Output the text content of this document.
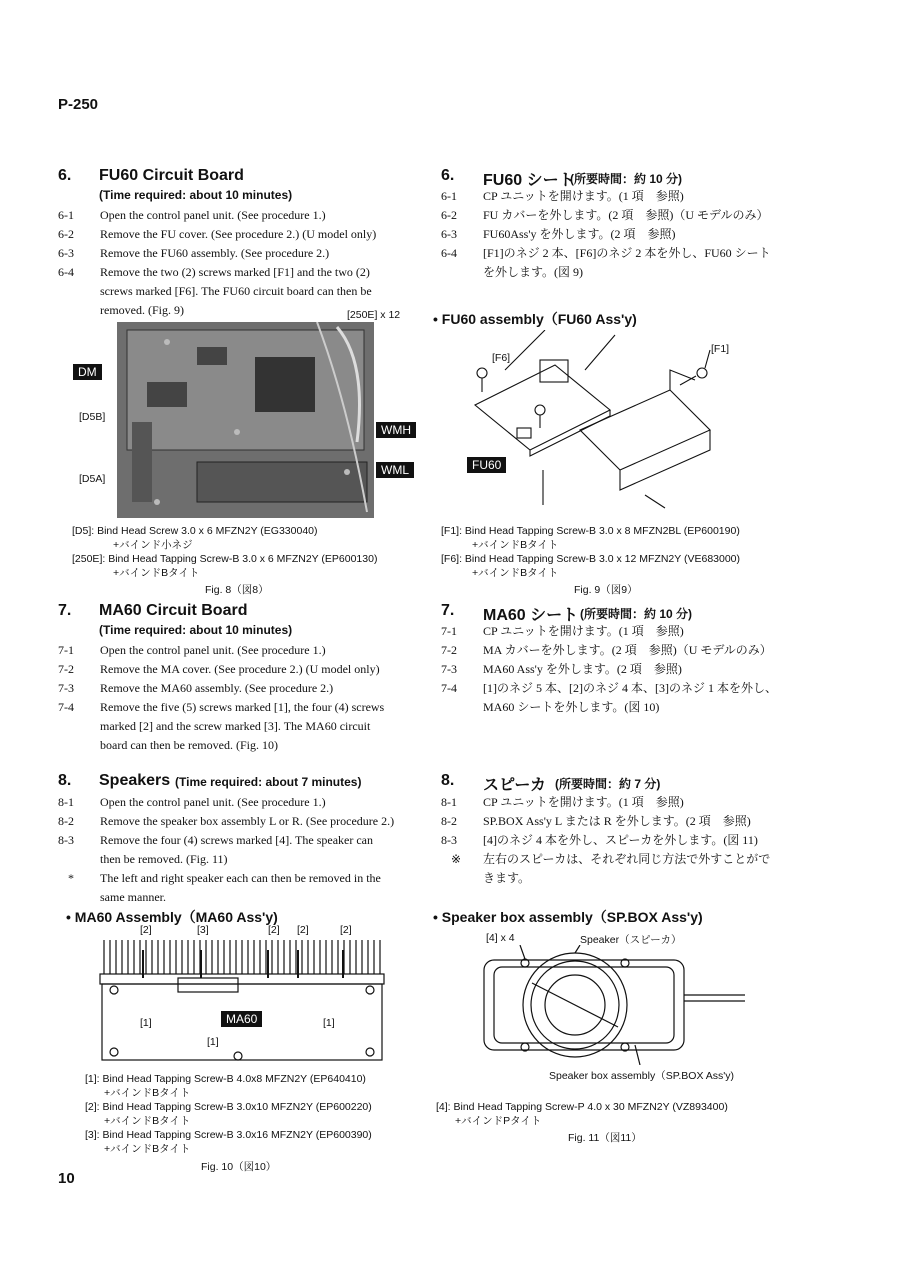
P-250
10
6. FU60 Circuit Board
(Time required: about 10 minutes)
6-1 Open the control panel unit. (See procedure 1.)
6-2 Remove the FU cover. (See procedure 2.) (U model only)
6-3 Remove the FU60 assembly. (See procedure 2.)
6-4 Remove the two (2) screws marked [F1] and the two (2)
screws marked [F6]. The FU60 circuit board can then be
removed. (Fig. 9)	[250E] x 12
DM
[D5B]
WMH
WML
[D5A]
[D5]: Bind Head Screw 3.0 x 6 MFZN2Y (EG330040)
+バインド小ネジ
[250E]: Bind Head Tapping Screw-B 3.0 x 6 MFZN2Y (EP600130)
+バインドBタイト
Fig. 8（図8）
7. MA60 Circuit Board
(Time required: about 10 minutes)
7-1 Open the control panel unit. (See procedure 1.)
7-2 Remove the MA cover. (See procedure 2.) (U model only)
7-3 Remove the MA60 assembly. (See procedure 2.)
7-4 Remove the five (5) screws marked [1], the four (4) screws
marked [2] and the screw marked [3]. The MA60 circuit
board can then be removed. (Fig. 10)
8. Speakers (Time required: about 7 minutes)
8-1 Open the control panel unit. (See procedure 1.)
8-2 Remove the speaker box assembly L or R. (See procedure 2.)
8-3 Remove the four (4) screws marked [4]. The speaker can
then be removed. (Fig. 11)
* The left and right speaker each can then be removed in the
same manner.
• MA60 Assembly（MA60 Ass'y)
[2]	[3]	[2] [2]	[2]
MA60
[1]	[1]
[1]
[1]: Bind Head Tapping Screw-B 4.0x8 MFZN2Y (EP640410)
+バインドBタイト
[2]: Bind Head Tapping Screw-B 3.0x10 MFZN2Y (EP600220)
+バインドBタイト
[3]: Bind Head Tapping Screw-B 3.0x16 MFZN2Y (EP600390)
+バインドBタイト
Fig. 10（図10）
6. FU60 シート
(所要時間：約 10 分)
6-1 CP ユニットを開けます。(1 項　参照)
6-2 FU カバーを外します。(2 項　参照)（U モデルのみ）
6-3 FU60Ass'y を外します。(2 項　参照)
6-4 [F1]のネジ 2 本、[F6]のネジ 2 本を外し、FU60 シート
を外します。(図 9)
• FU60 assembly（FU60 Ass'y)
[F6]
[F1]
FU60
[F1]: Bind Head Tapping Screw-B 3.0 x 8 MFZN2BL (EP600190)
+バインドBタイト
[F6]: Bind Head Tapping Screw-B 3.0 x 12 MFZN2Y (VE683000)
+バインドBタイト
Fig. 9（図9）
7. MA60 シート (所要時間：約 10 分)
7-1 CP ユニットを開けます。(1 項　参照)
7-2 MA カバーを外します。(2 項　参照)（U モデルのみ）
7-3 MA60 Ass'y を外します。(2 項　参照)
7-4 [1]のネジ 5 本、[2]のネジ 4 本、[3]のネジ 1 本を外し、
MA60 シートを外します。(図 10)
8. スピーカ (所要時間：約 7 分)
8-1 CP ユニットを開けます。(1 項　参照)
8-2 SP.BOX Ass'y L または R を外します。(2 項　参照)
8-3 [4]のネジ 4 本を外し、スピーカを外します。(図 11)
※ 左右のスピーカは、それぞれ同じ方法で外すことがで
きます。
• Speaker box assembly（SP.BOX Ass'y)
[4] x 4	Speaker（スピーカ）
Speaker box assembly（SP.BOX Ass'y)
[4]: Bind Head Tapping Screw-P 4.0 x 30 MFZN2Y (VZ893400)
+バインドPタイト
Fig. 11（図11）
